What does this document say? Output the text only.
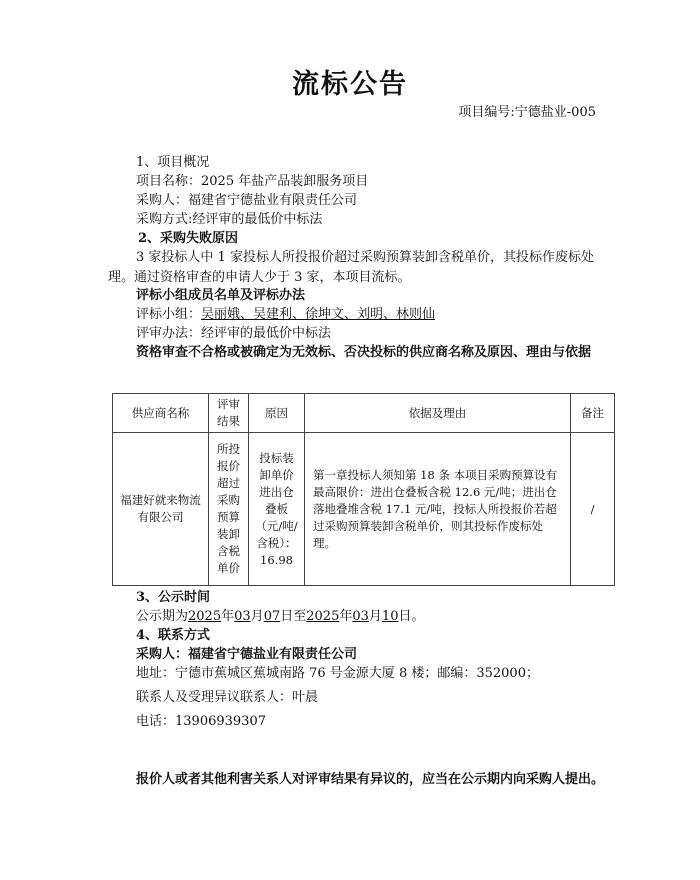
流标公告
项目编号:宁德盐业-005
1、项目概况
项目名称：2025 年盐产品装卸服务项目
采购人：福建省宁德盐业有限责任公司
采购方式:经评审的最低价中标法
2、采购失败原因
3 家投标人中 1 家投标人所投报价超过采购预算装卸含税单价，其投标作废标处理。通过资格审查的申请人少于 3 家，本项目流标。
评标小组成员名单及评标办法
评标小组：吴丽娥、吴建利、徐坤文、刘明、林则仙
评审办法：经评审的最低价中标法
资格审查不合格或被确定为无效标、否决投标的供应商名称及原因、理由与依据
供应商名称	评审结果	原因	依据及理由	备注
福建好就来物流有限公司	所投报价超过采购预算装卸含税单价	投标装卸单价进出仓叠板（元/吨/含税）：16.98	第一章投标人须知第 18 条 本项目采购预算设有最高限价：进出仓叠板含税 12.6 元/吨；进出仓落地叠堆含税 17.1 元/吨，投标人所投报价若超过采购预算装卸含税单价，则其投标作废标处理。	/
3、公示时间
公示期为2025年03月07日至2025年03月10日。
4、联系方式
采购人：福建省宁德盐业有限责任公司
地址：宁德市蕉城区蕉城南路 76 号金源大厦 8 楼；邮编：352000；
联系人及受理异议联系人：叶晨
电话：13906939307
报价人或者其他利害关系人对评审结果有异议的，应当在公示期内向采购人提出。
